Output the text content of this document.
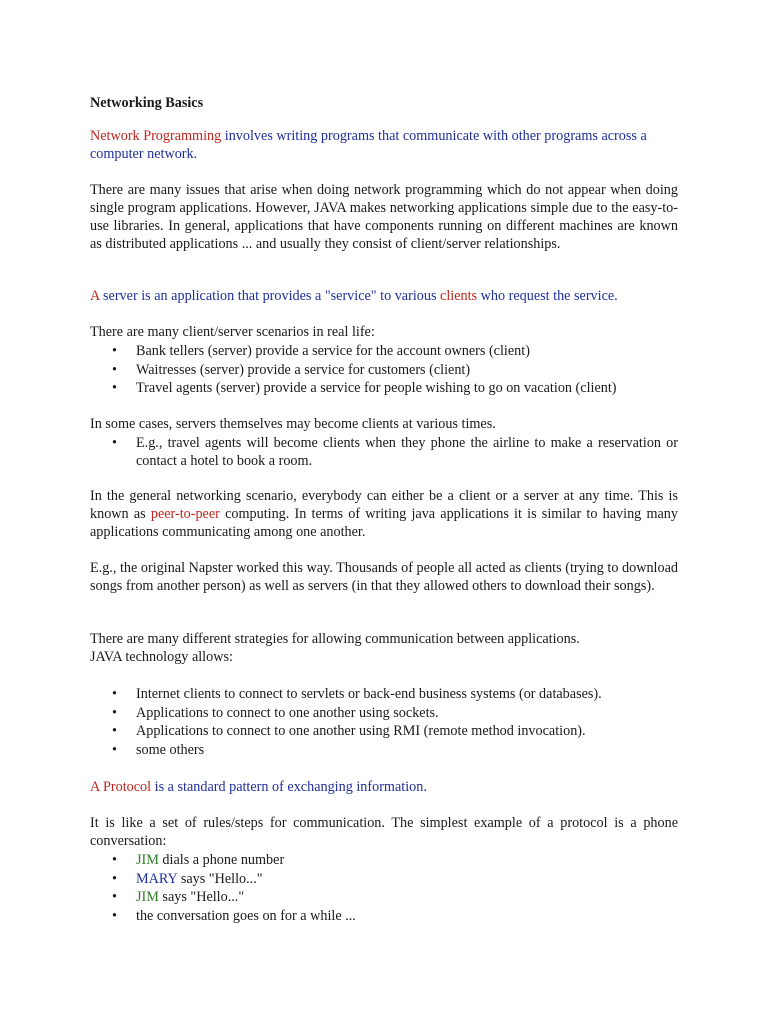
Networking Basics

Network Programming involves writing programs that communicate with other programs across a computer network.

There are many issues that arise when doing network programming which do not appear when doing single program applications. However, JAVA makes networking applications simple due to the easy-to-use libraries. In general, applications that have components running on different machines are known as distributed applications ... and usually they consist of client/server relationships.

A server is an application that provides a "service" to various clients who request the service.

There are many client/server scenarios in real life:

• Bank tellers (server) provide a service for the account owners (client)
• Waitresses (server) provide a service for customers (client)
• Travel agents (server) provide a service for people wishing to go on vacation (client)

In some cases, servers themselves may become clients at various times.

• E.g., travel agents will become clients when they phone the airline to make a reservation or contact a hotel to book a room.

In the general networking scenario, everybody can either be a client or a server at any time. This is known as peer-to-peer computing. In terms of writing java applications it is similar to having many applications communicating among one another.

E.g., the original Napster worked this way. Thousands of people all acted as clients (trying to download songs from another person) as well as servers (in that they allowed others to download their songs).

There are many different strategies for allowing communication between applications.
JAVA technology allows:

• Internet clients to connect to servlets or back-end business systems (or databases).
• Applications to connect to one another using sockets.
• Applications to connect to one another using RMI (remote method invocation).
• some others

A Protocol is a standard pattern of exchanging information.

It is like a set of rules/steps for communication. The simplest example of a protocol is a phone conversation:

• JIM dials a phone number
• MARY says "Hello..."
• JIM says "Hello..."
• the conversation goes on for a while ...
